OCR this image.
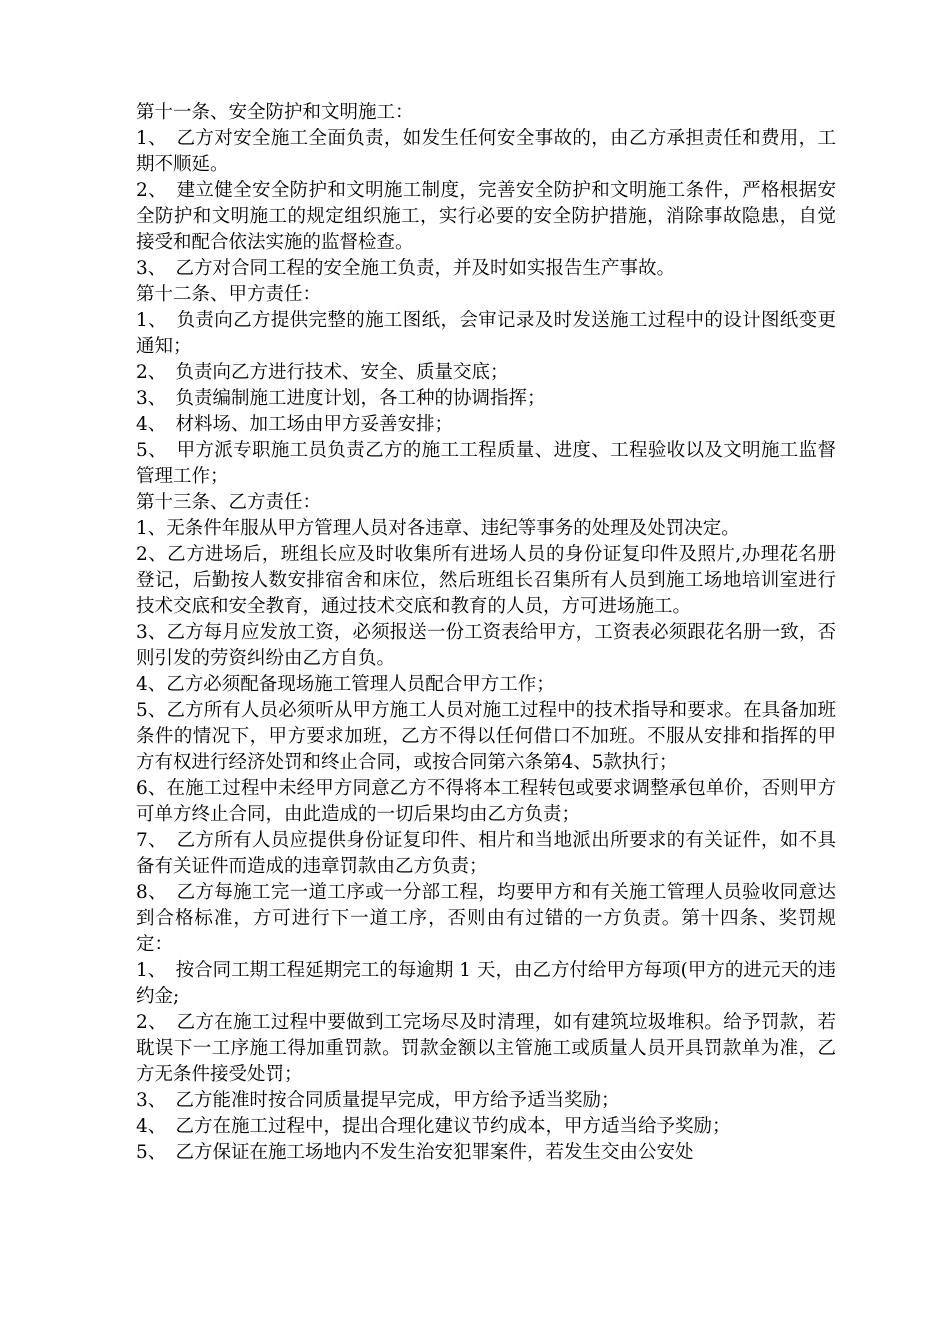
第十一条、安全防护和文明施工：

1、　乙方对安全施工全面负责，如发生任何安全事故的，由乙方承担责任和费用，工期不顺延。

2、　建立健全安全防护和文明施工制度，完善安全防护和文明施工条件，严格根据安全防护和文明施工的规定组织施工，实行必要的安全防护措施，消除事故隐患，自觉接受和配合依法实施的监督检查。

3、　乙方对合同工程的安全施工负责，并及时如实报告生产事故。

第十二条、甲方责任：

1、　负责向乙方提供完整的施工图纸，会审记录及时发送施工过程中的设计图纸变更通知；

2、　负责向乙方进行技术、安全、质量交底；

3、　负责编制施工进度计划，各工种的协调指挥；

4、　材料场、加工场由甲方妥善安排；

5、　甲方派专职施工员负责乙方的施工工程质量、进度、工程验收以及文明施工监督管理工作；

第十三条、乙方责任：

1、无条件年服从甲方管理人员对各违章、违纪等事务的处理及处罚决定。

2、乙方进场后，班组长应及时收集所有进场人员的身份证复印件及照片,办理花名册登记，后勤按人数安排宿舍和床位，然后班组长召集所有人员到施工场地培训室进行技术交底和安全教育，通过技术交底和教育的人员，方可进场施工。

3、乙方每月应发放工资，必须报送一份工资表给甲方，工资表必须跟花名册一致，否则引发的劳资纠纷由乙方自负。

4、乙方必须配备现场施工管理人员配合甲方工作；

5、乙方所有人员必须听从甲方施工人员对施工过程中的技术指导和要求。在具备加班条件的情况下，甲方要求加班，乙方不得以任何借口不加班。不服从安排和指挥的甲方有权进行经济处罚和终止合同，或按合同第六条第4、5款执行；

6、在施工过程中未经甲方同意乙方不得将本工程转包或要求调整承包单价，否则甲方可单方终止合同，由此造成的一切后果均由乙方负责；

7、　乙方所有人员应提供身份证复印件、相片和当地派出所要求的有关证件，如不具备有关证件而造成的违章罚款由乙方负责；

8、　乙方每施工完一道工序或一分部工程，均要甲方和有关施工管理人员验收同意达到合格标准，方可进行下一道工序，否则由有过错的一方负责。第十四条、奖罚规定：

1、　按合同工期工程延期完工的每逾期 1 天，由乙方付给甲方每项(甲方的进元天的违约金;

2、　乙方在施工过程中要做到工完场尽及时清理，如有建筑垃圾堆积。给予罚款，若耽误下一工序施工得加重罚款。罚款金额以主管施工或质量人员开具罚款单为准，乙方无条件接受处罚；

3、　乙方能准时按合同质量提早完成，甲方给予适当奖励；

4、　乙方在施工过程中，提出合理化建议节约成本，甲方适当给予奖励；

5、　乙方保证在施工场地内不发生治安犯罪案件，若发生交由公安处
